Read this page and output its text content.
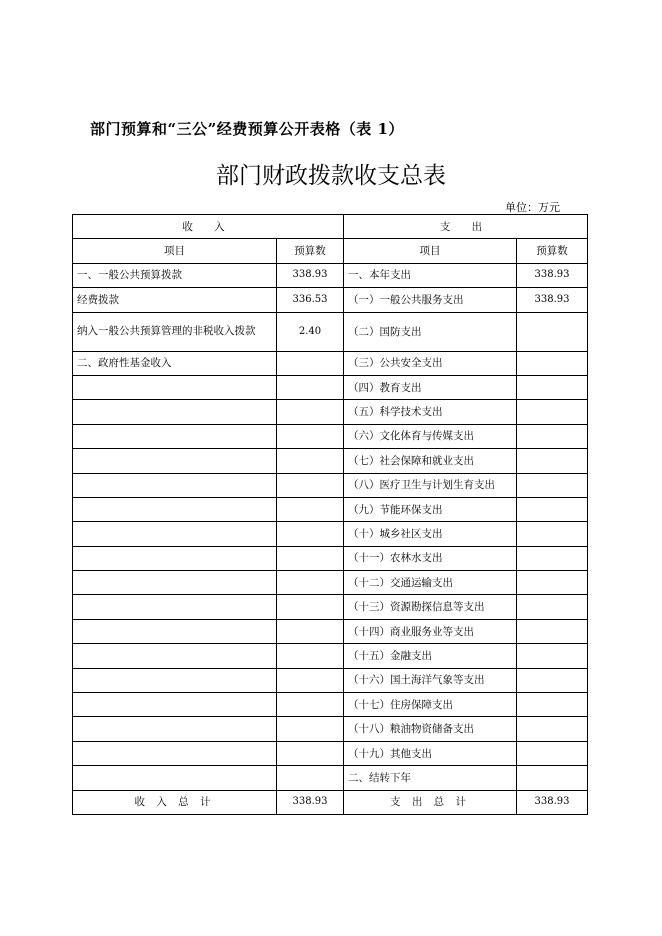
部门预算和“三公”经费预算公开表格（表 1）
部门财政拨款收支总表
单位：万元
收 入		支 出	
项目	预算数	项目	预算数
一、一般公共预算拨款	338.93	一、本年支出	338.93
经费拨款	336.53	（一）一般公共服务支出	338.93
纳入一般公共预算管理的非税收入拨款	2.40	（二）国防支出	
二、政府性基金收入		（三）公共安全支出	
		（四）教育支出	
		（五）科学技术支出	
		（六）文化体育与传媒支出	
		（七）社会保障和就业支出	
		（八）医疗卫生与计划生育支出	
		（九）节能环保支出	
		（十）城乡社区支出	
		（十一）农林水支出	
		（十二）交通运输支出	
		（十三）资源勘探信息等支出	
		（十四）商业服务业等支出	
		（十五）金融支出	
		（十六）国土海洋气象等支出	
		（十七）住房保障支出	
		（十八）粮油物资储备支出	
		（十九）其他支出	
		二、结转下年	
收 入 总 计	338.93	支 出 总 计	338.93
